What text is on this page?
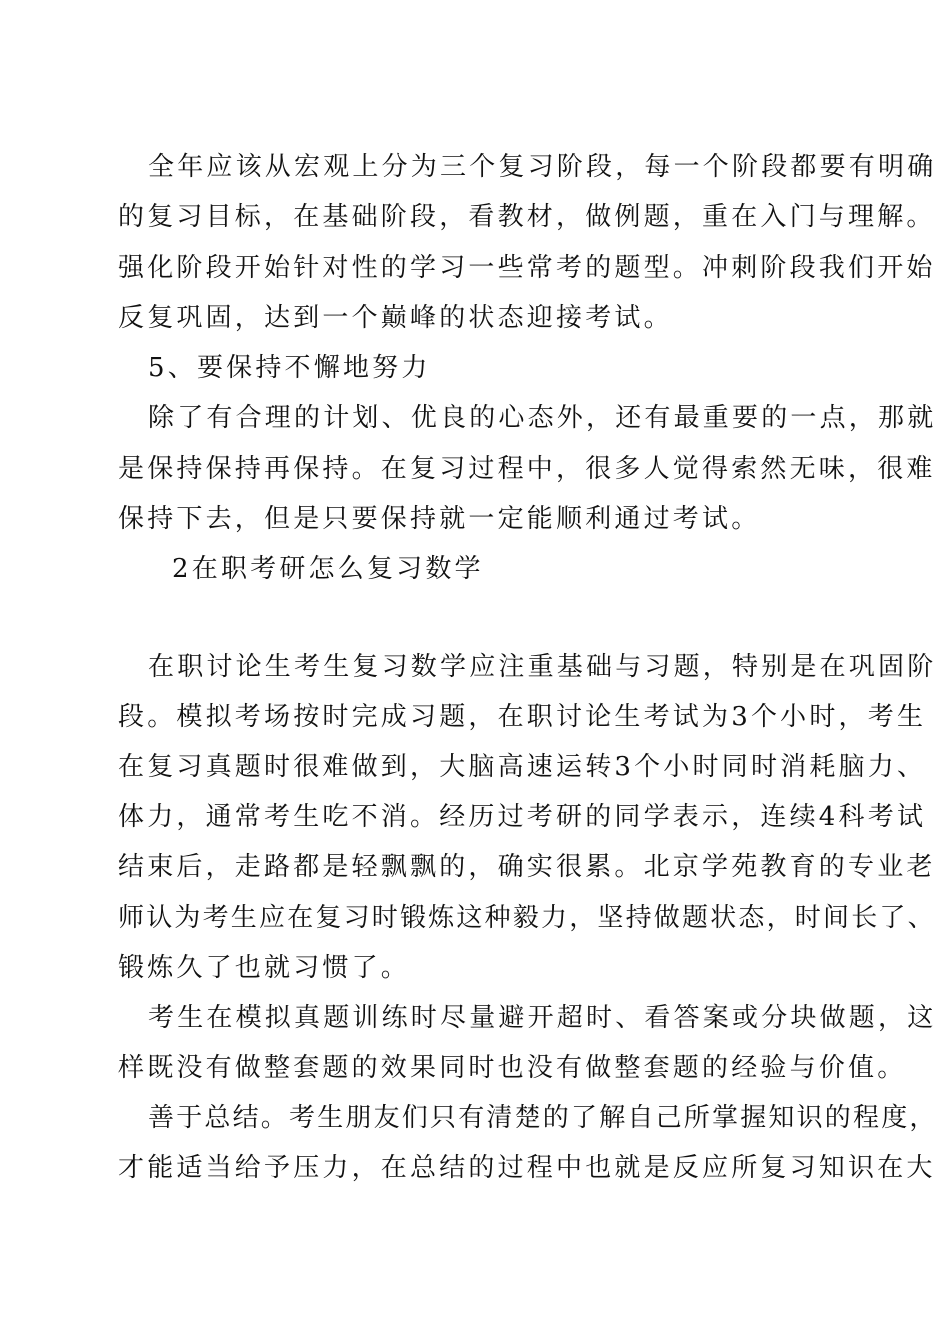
全年应该从宏观上分为三个复习阶段，每一个阶段都要有明确
的复习目标，在基础阶段，看教材，做例题，重在入门与理解。
强化阶段开始针对性的学习一些常考的题型。冲刺阶段我们开始
反复巩固，达到一个巅峰的状态迎接考试。
5、要保持不懈地努力
除了有合理的计划、优良的心态外，还有最重要的一点，那就
是保持保持再保持。在复习过程中，很多人觉得索然无味，很难
保持下去，但是只要保持就一定能顺利通过考试。
2在职考研怎么复习数学
在职讨论生考生复习数学应注重基础与习题，特别是在巩固阶
段。模拟考场按时完成习题，在职讨论生考试为3个小时，考生
在复习真题时很难做到，大脑高速运转3个小时同时消耗脑力、
体力，通常考生吃不消。经历过考研的同学表示，连续4科考试
结束后，走路都是轻飘飘的，确实很累。北京学苑教育的专业老
师认为考生应在复习时锻炼这种毅力，坚持做题状态，时间长了、
锻炼久了也就习惯了。
考生在模拟真题训练时尽量避开超时、看答案或分块做题，这
样既没有做整套题的效果同时也没有做整套题的经验与价值。
善于总结。考生朋友们只有清楚的了解自己所掌握知识的程度，
才能适当给予压力，在总结的过程中也就是反应所复习知识在大
